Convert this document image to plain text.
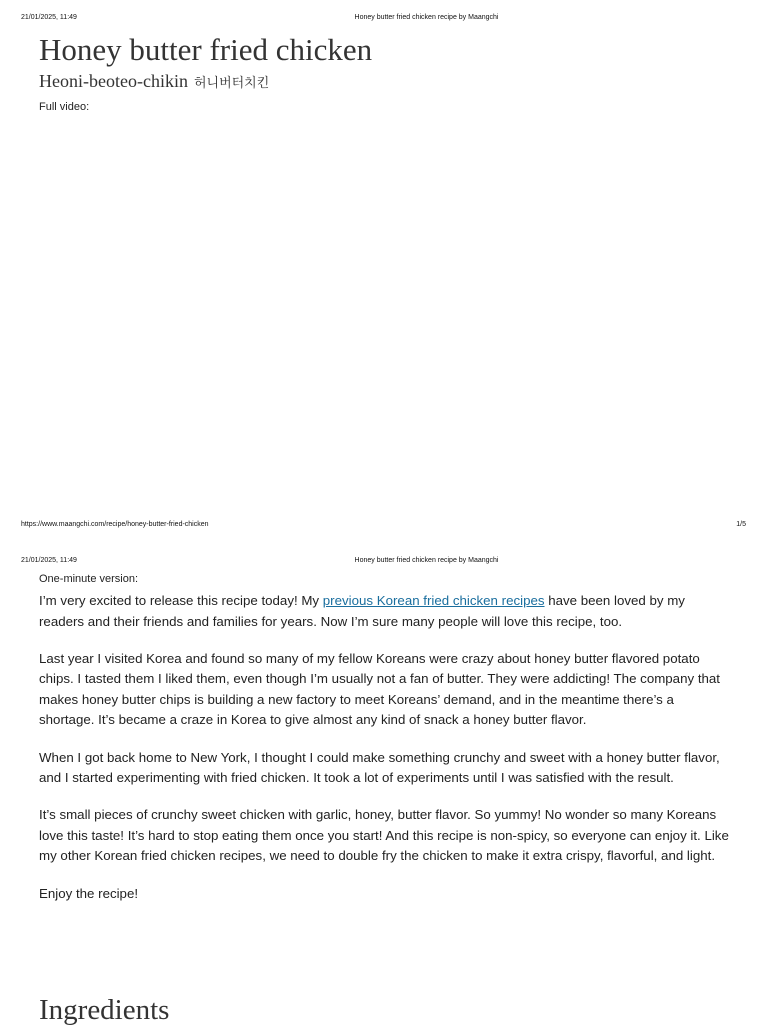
21/01/2025, 11:49	Honey butter fried chicken recipe by Maangchi
Honey butter fried chicken
Heoni-beoteo-chikin 허니버터치킨
Full video:
https://www.maangchi.com/recipe/honey-butter-fried-chicken	1/5
21/01/2025, 11:49	Honey butter fried chicken recipe by Maangchi
One-minute version:

I’m very excited to release this recipe today! My previous Korean fried chicken recipes have been loved by my readers and their friends and families for years. Now I’m sure many people will love this recipe, too.

Last year I visited Korea and found so many of my fellow Koreans were crazy about honey butter flavored potato chips. I tasted them I liked them, even though I’m usually not a fan of butter. They were addicting! The company that makes honey butter chips is building a new factory to meet Koreans’ demand, and in the meantime there’s a shortage. It’s became a craze in Korea to give almost any kind of snack a honey butter flavor.

When I got back home to New York, I thought I could make something crunchy and sweet with a honey butter flavor, and I started experimenting with fried chicken. It took a lot of experiments until I was satisfied with the result.

It’s small pieces of crunchy sweet chicken with garlic, honey, butter flavor. So yummy! No wonder so many Koreans love this taste! It’s hard to stop eating them once you start! And this recipe is non-spicy, so everyone can enjoy it. Like my other Korean fried chicken recipes, we need to double fry the chicken to make it extra crispy, flavorful, and light.

Enjoy the recipe!

Ingredients
